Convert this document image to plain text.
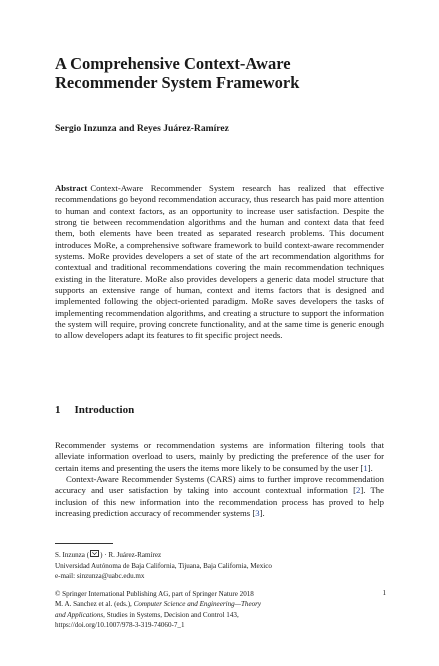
A Comprehensive Context-Aware
Recommender System Framework
Sergio Inzunza and Reyes Juárez-Ramírez
Abstract Context-Aware Recommender System research has realized that effective recommendations go beyond recommendation accuracy, thus research has paid more attention to human and context factors, as an opportunity to increase user satisfaction. Despite the strong tie between recommendation algorithms and the human and context data that feed them, both elements have been treated as separated research problems. This document introduces MoRe, a comprehensive software framework to build context-aware recommender systems. MoRe provides developers a set of state of the art recommendation algorithms for contextual and traditional recommendations covering the main recommendation techniques existing in the literature. MoRe also provides developers a generic data model structure that supports an extensive range of human, context and items factors that is designed and implemented following the object-oriented paradigm. MoRe saves developers the tasks of implementing recommendation algorithms, and creating a structure to support the information the system will require, proving concrete functionality, and at the same time is generic enough to allow developers adapt its features to fit specific project needs.
1 Introduction

Recommender systems or recommendation systems are information filtering tools that alleviate information overload to users, mainly by predicting the preference of the user for certain items and presenting the users the items more likely to be consumed by the user [1].

Context-Aware Recommender Systems (CARS) aims to further improve recommendation accuracy and user satisfaction by taking into account contextual information [2]. The inclusion of this new information into the recommendation process has proved to help increasing prediction accuracy of recommender systems [3].

S. Inzunza ( ) · R. Juárez-Ramírez
Universidad Autónoma de Baja California, Tijuana, Baja California, Mexico
e-mail: sinzunza@uabc.edu.mx
© Springer International Publishing AG, part of Springer Nature 2018
M. A. Sanchez et al. (eds.), Computer Science and Engineering—Theory
and Applications, Studies in Systems, Decision and Control 143,
https://doi.org/10.1007/978-3-319-74060-7_1
1
